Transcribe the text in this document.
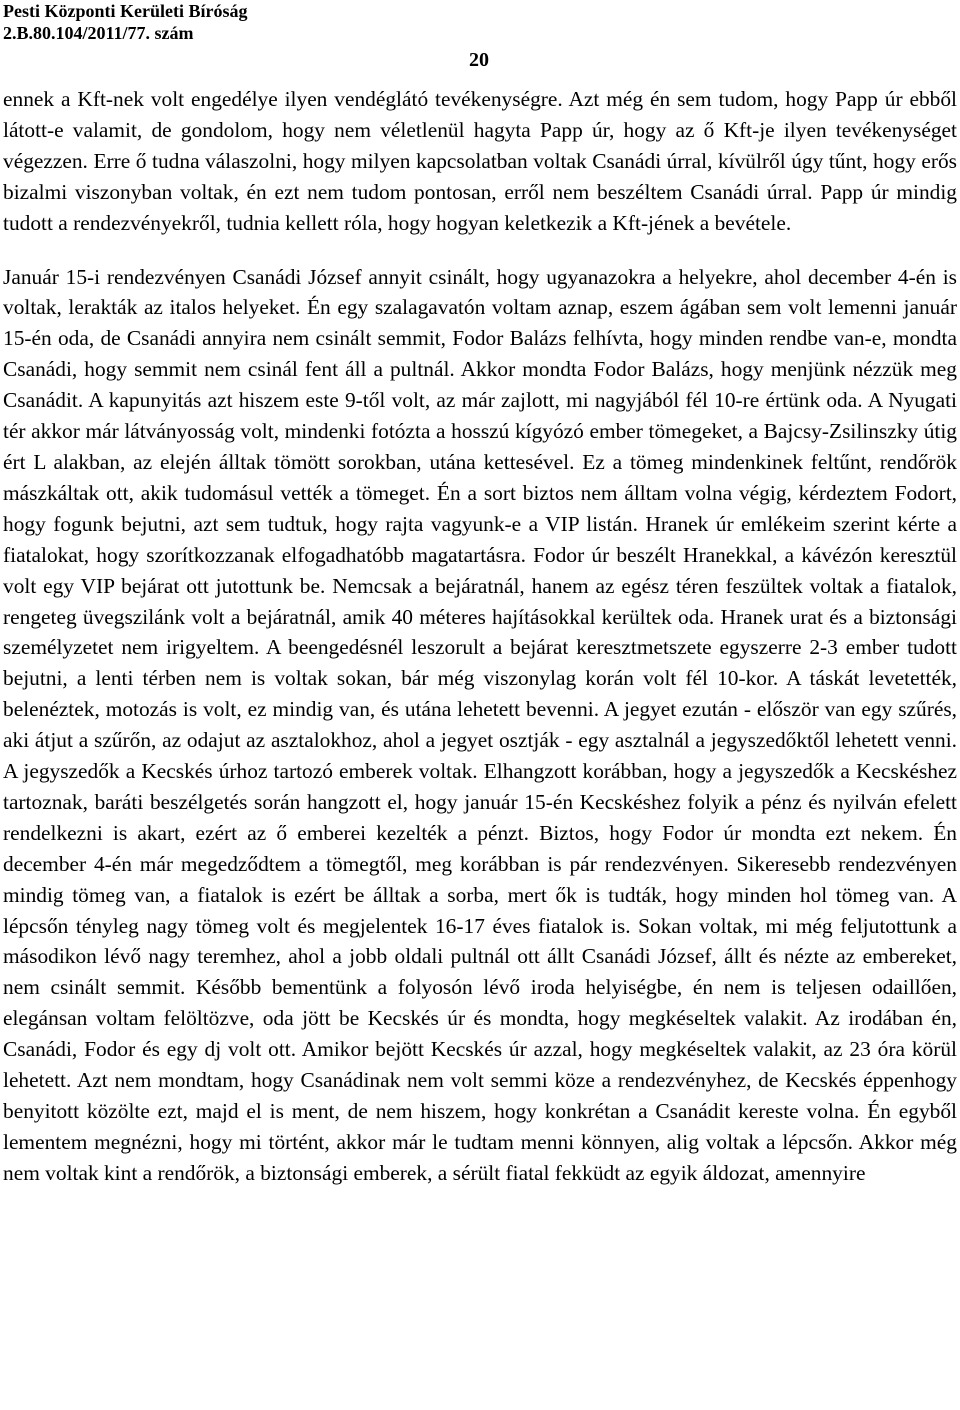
Pesti Központi Kerületi Bíróság
2.B.80.104/2011/77. szám
20

ennek a Kft-nek volt engedélye ilyen vendéglátó tevékenységre. Azt még én sem tudom, hogy Papp úr ebből látott-e valamit, de gondolom, hogy nem véletlenül hagyta Papp úr, hogy az ő Kft-je ilyen tevékenységet végezzen. Erre ő tudna válaszolni, hogy milyen kapcsolatban voltak Csanádi úrral, kívülről úgy tűnt, hogy erős bizalmi viszonyban voltak, én ezt nem tudom pontosan, erről nem beszéltem Csanádi úrral. Papp úr mindig tudott a rendezvényekről, tudnia kellett róla, hogy hogyan keletkezik a Kft-jének a bevétele.

Január 15-i rendezvényen Csanádi József annyit csinált, hogy ugyanazokra a helyekre, ahol december 4-én is voltak, lerakták az italos helyeket. Én egy szalagavatón voltam aznap, eszem ágában sem volt lemenni január 15-én oda, de Csanádi annyira nem csinált semmit, Fodor Balázs felhívta, hogy minden rendbe van-e, mondta Csanádi, hogy semmit nem csinál fent áll a pultnál. Akkor mondta Fodor Balázs, hogy menjünk nézzük meg Csanádit. A kapunyitás azt hiszem este 9-től volt, az már zajlott, mi nagyjából fél 10-re értünk oda. A Nyugati tér akkor már látványosság volt, mindenki fotózta a hosszú kígyózó ember tömegeket, a Bajcsy-Zsilinszky útig ért L alakban, az elején álltak tömött sorokban, utána kettesével. Ez a tömeg mindenkinek feltűnt, rendőrök mászkáltak ott, akik tudomásul vették a tömeget. Én a sort biztos nem álltam volna végig, kérdeztem Fodort, hogy fogunk bejutni, azt sem tudtuk, hogy rajta vagyunk-e a VIP listán. Hranek úr emlékeim szerint kérte a fiatalokat, hogy szorítkozzanak elfogadhatóbb magatartásra. Fodor úr beszélt Hranekkal, a kávézón keresztül volt egy VIP bejárat ott jutottunk be. Nemcsak a bejáratnál, hanem az egész téren feszültek voltak a fiatalok, rengeteg üvegszilánk volt a bejáratnál, amik 40 méteres hajításokkal kerültek oda. Hranek urat és a biztonsági személyzetet nem irigyeltem. A beengedésnél leszorult a bejárat keresztmetszete egyszerre 2-3 ember tudott bejutni, a lenti térben nem is voltak sokan, bár még viszonylag korán volt fél 10-kor. A táskát levetették, belenéztek, motozás is volt, ez mindig van, és utána lehetett bevenni. A jegyet ezután - először van egy szűrés, aki átjut a szűrőn, az odajut az asztalokhoz, ahol a jegyet osztják - egy asztalnál a jegyszedőktől lehetett venni. A jegyszedők a Kecskés úrhoz tartozó emberek voltak. Elhangzott korábban, hogy a jegyszedők a Kecskéshez tartoznak, baráti beszélgetés során hangzott el, hogy január 15-én Kecskéshez folyik a pénz és nyilván efelett rendelkezni is akart, ezért az ő emberei kezelték a pénzt. Biztos, hogy Fodor úr mondta ezt nekem. Én december 4-én már megedződtem a tömegtől, meg korábban is pár rendezvényen. Sikeresebb rendezvényen mindig tömeg van, a fiatalok is ezért be álltak a sorba, mert ők is tudták, hogy minden hol tömeg van. A lépcsőn tényleg nagy tömeg volt és megjelentek 16-17 éves fiatalok is. Sokan voltak, mi még feljutottunk a másodikon lévő nagy teremhez, ahol a jobb oldali pultnál ott állt Csanádi József, állt és nézte az embereket, nem csinált semmit. Később bementünk a folyosón lévő iroda helyiségbe, én nem is teljesen odaillően, elegánsan voltam felöltözve, oda jött be Kecskés úr és mondta, hogy megkéseltek valakit. Az irodában én, Csanádi, Fodor és egy dj volt ott. Amikor bejött Kecskés úr azzal, hogy megkéseltek valakit, az 23 óra körül lehetett. Azt nem mondtam, hogy Csanádinak nem volt semmi köze a rendezvényhez, de Kecskés éppenhogy benyitott közölte ezt, majd el is ment, de nem hiszem, hogy konkrétan a Csanádit kereste volna. Én egyből lementem megnézni, hogy mi történt, akkor már le tudtam menni könnyen, alig voltak a lépcsőn. Akkor még nem voltak kint a rendőrök, a biztonsági emberek, a sérült fiatal fekküdt az egyik áldozat, amennyire
